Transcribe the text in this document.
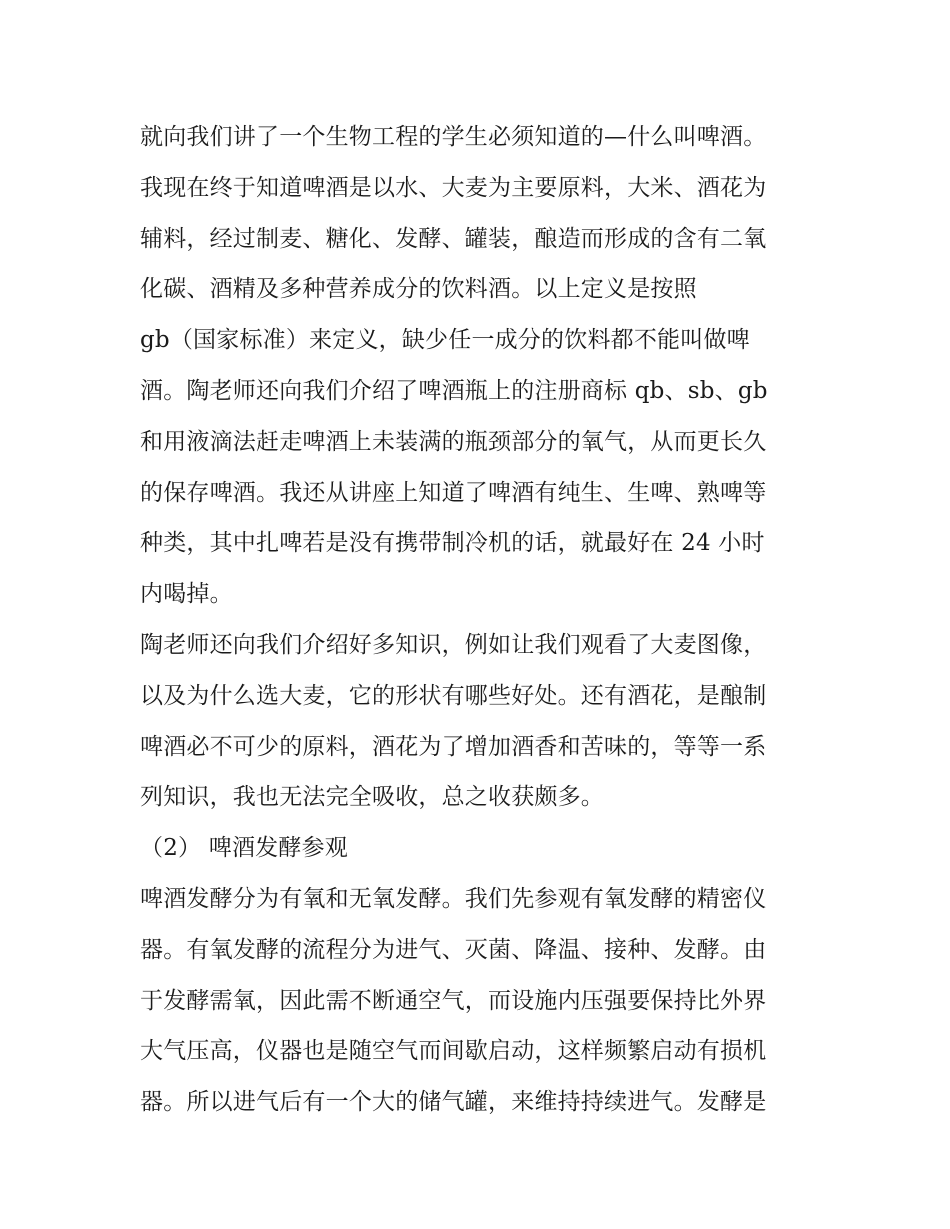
就向我们讲了一个生物工程的学生必须知道的—什么叫啤酒。
我现在终于知道啤酒是以水、大麦为主要原料，大米、酒花为
辅料，经过制麦、糖化、发酵、罐装，酿造而形成的含有二氧
化碳、酒精及多种营养成分的饮料酒。以上定义是按照
gb（国家标准）来定义，缺少任一成分的饮料都不能叫做啤
酒。陶老师还向我们介绍了啤酒瓶上的注册商标 qb、sb、gb
和用液滴法赶走啤酒上未装满的瓶颈部分的氧气，从而更长久
的保存啤酒。我还从讲座上知道了啤酒有纯生、生啤、熟啤等
种类，其中扎啤若是没有携带制冷机的话，就最好在 24 小时
内喝掉。
陶老师还向我们介绍好多知识，例如让我们观看了大麦图像，
以及为什么选大麦，它的形状有哪些好处。还有酒花，是酿制
啤酒必不可少的原料，酒花为了增加酒香和苦味的，等等一系
列知识，我也无法完全吸收，总之收获颇多。
（2） 啤酒发酵参观
啤酒发酵分为有氧和无氧发酵。我们先参观有氧发酵的精密仪
器。有氧发酵的流程分为进气、灭菌、降温、接种、发酵。由
于发酵需氧，因此需不断通空气，而设施内压强要保持比外界
大气压高，仪器也是随空气而间歇启动，这样频繁启动有损机
器。所以进气后有一个大的储气罐，来维持持续进气。发酵是
